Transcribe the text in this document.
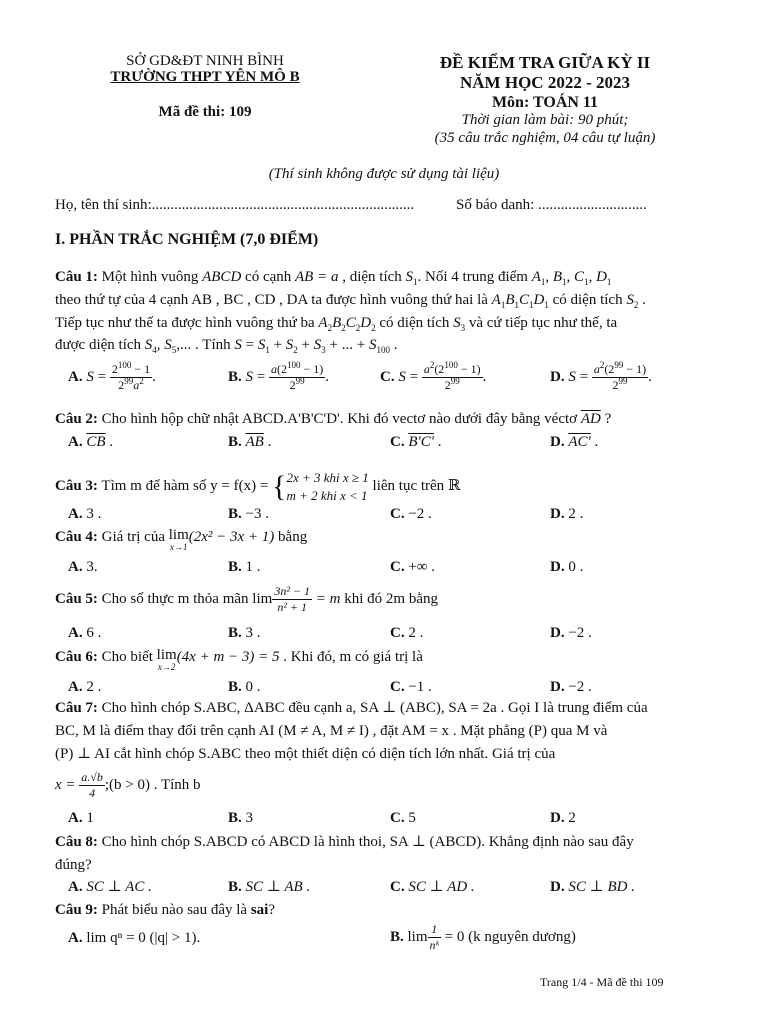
SỞ GD&ĐT NINH BÌNH
TRƯỜNG THPT YÊN MÔ B
Mã đề thi: 109
ĐỀ KIỂM TRA GIỮA KỲ II
NĂM HỌC 2022 - 2023
Môn: TOÁN 11
Thời gian làm bài: 90 phút;
(35 câu trắc nghiệm, 04 câu tự luận)
(Thí sinh không được sử dụng tài liệu)
Họ, tên thí sinh:......................................................................	Số báo danh: .............................
I. PHẦN TRẮC NGHIỆM (7,0 ĐIỂM)
Câu 1: Một hình vuông ABCD có cạnh AB = a , diện tích $S_1$. Nối 4 trung điểm $A_1$, $B_1$, $C_1$, $D_1$
theo thứ tự của 4 cạnh AB , BC , CD , DA ta được hình vuông thứ hai là $A_1B_1C_1D_1$ có diện tích $S_2$ .
Tiếp tục như thế ta được hình vuông thứ ba $A_2B_2C_2D_2$ có diện tích $S_3$ và cứ tiếp tục như thế, ta
được diện tích $S_4$, $S_5$,... . Tính $S = S_1 + S_2 + S_3$ + ... + $S_{100}$ .
A. $S = \frac{2^{100} - 1}{2^{99}a^2}$ .	B. $S = \frac{a(2^{100} - 1)}{2^{99}}$ .	C. $S = \frac{a^2(2^{100} - 1)}{2^{99}}$ .	D. $S = \frac{a^2(2^{99} - 1)}{2^{99}}$ .
Câu 2: Cho hình hộp chữ nhật ABCD.A'B'C'D'. Khi đó vectơ nào dưới đây bằng véctơ $\overline{AD}$ ?
A. $\overline{CB}$ .	B. $\overline{AB}$ .	C. B'C' .	D. AC' .
Câu 3: Tìm m để hàm số y = f(x) = { 2x + 3 khi x ≥ 1
m + 2 khi x < 1
liên tục trên ℝ
A. 3 .	B. −3 .	C. −2 .	D. 2 .
Câu 4: Giá trị của lim
x→1
(2x² − 3x + 1) bằng
A. 3.	B. 1 .	C. +∞ .	D. 0 .
Câu 5: Cho số thực m thỏa mãn $\lim \frac{\text{3n² − 1}}{\text{n² + 1}} = m$ khi đó 2m bằng
A. 6 .	B. 3 .	C. 2 .	D. −2 .
Câu 6: Cho biết lim
x→2
(4x + m − 3) = 5 . Khi đó, m có giá trị là
A. 2 .	B. 0 .	C. −1 .	D. −2 .
Câu 7: Cho hình chóp S.ABC, ΔABC đều cạnh a, SA ⊥ (ABC), SA = 2a . Gọi I là trung điểm của
BC, M là điểm thay đổi trên cạnh AI (M ≠ A, M ≠ I) , đặt AM = x . Mặt phẳng (P) qua M và
(P) ⊥ AI cắt hình chóp S.ABC theo một thiết diện có diện tích lớn nhất. Giá trị của
$x = \frac{a.√b}{4}$ ;(b > 0) . Tính b
A. 1	B. 3	C. 5	D. 2
Câu 8: Cho hình chóp S.ABCD có ABCD là hình thoi, SA ⊥ (ABCD). Khẳng định nào sau đây
đúng?
A. SC ⊥ AC .	B. SC ⊥ AB .	C. SC ⊥ AD .	D. SC ⊥ BD .
Câu 9: Phát biểu nào sau đây là sai?
A. lim qⁿ = 0 (|q| > 1).	B. $\lim \frac{1}{\text{nᵏ}} = 0$ (k nguyên dương)
Trang 1/4 - Mã đề thi 109
